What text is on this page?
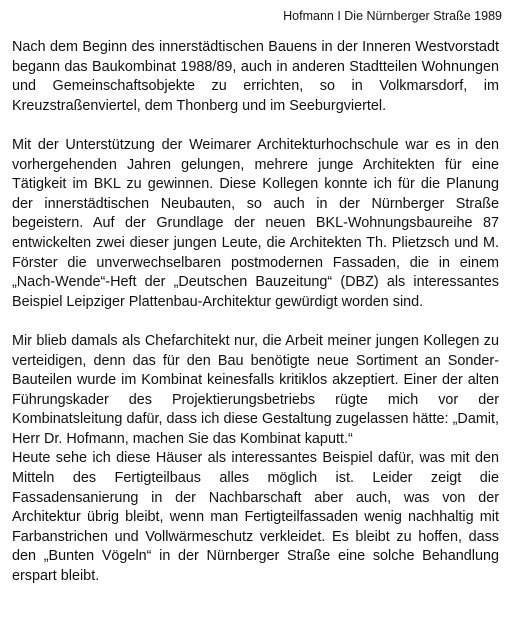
Hofmann I Die Nürnberger Straße 1989

Nach dem Beginn des innerstädtischen Bauens in der Inneren Westvorstadt begann das Baukombinat 1988/89, auch in anderen Stadtteilen Wohnungen und Gemeinschaftsobjekte zu errichten, so in Volkmarsdorf, im Kreuzstraßenviertel, dem Thonberg und im Seeburgviertel.

Mit der Unterstützung der Weimarer Architekturhochschule war es in den vorhergehenden Jahren gelungen, mehrere junge Architekten für eine Tätigkeit im BKL zu gewinnen. Diese Kollegen konnte ich für die Planung der innerstädtischen Neubauten, so auch in der Nürnberger Straße begeistern. Auf der Grundlage der neuen BKL-Wohnungsbaureihe 87 entwickelten zwei dieser jungen Leute, die Architekten Th. Plietzsch und M. Förster die unverwechselbaren postmodernen Fassaden, die in einem „Nach-Wende“-Heft der „Deutschen Bauzeitung“ (DBZ) als interessantes Beispiel Leipziger Plattenbau-Architektur gewürdigt worden sind.

Mir blieb damals als Chefarchitekt nur, die Arbeit meiner jungen Kollegen zu verteidigen, denn das für den Bau benötigte neue Sortiment an Sonder-Bauteilen wurde im Kombinat keinesfalls kritiklos akzeptiert. Einer der alten Führungskader des Projektierungsbetriebs rügte mich vor der Kombinatsleitung dafür, dass ich diese Gestaltung zugelassen hätte: „Damit, Herr Dr. Hofmann, machen Sie das Kombinat kaputt.“

Heute sehe ich diese Häuser als interessantes Beispiel dafür, was mit den Mitteln des Fertigteilbaus alles möglich ist. Leider zeigt die Fassadensanierung in der Nachbarschaft aber auch, was von der Architektur übrig bleibt, wenn man Fertigteilfassaden wenig nachhaltig mit Farbanstrichen und Vollwärmeschutz verkleidet. Es bleibt zu hoffen, dass den „Bunten Vögeln“ in der Nürnberger Straße eine solche Behandlung erspart bleibt.
